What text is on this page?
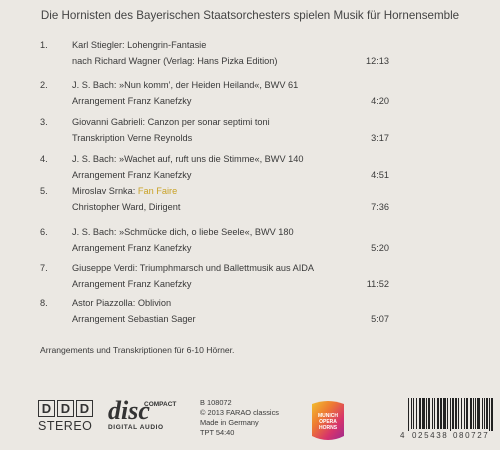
Die Hornisten des Bayerischen Staatsorchesters spielen Musik für Hornensemble
1.	Karl Stiegler: Lohengrin-Fantasie
nach Richard Wagner (Verlag: Hans Pizka Edition)	12:13
2.	J. S. Bach: »Nun komm’, der Heiden Heiland«, BWV 61
Arrangement Franz Kanefzky	4:20
3.	Giovanni Gabrieli: Canzon per sonar septimi toni
Transkription Verne Reynolds	3:17
4.	J. S. Bach: »Wachet auf, ruft uns die Stimme«, BWV 140
Arrangement Franz Kanefzky	4:51
5.	Miroslav Srnka: Fan Faire
Christopher Ward, Dirigent	7:36
6.	J. S. Bach: »Schmücke dich, o liebe Seele«, BWV 180
Arrangement Franz Kanefzky	5:20
7.	Giuseppe Verdi: Triumphmarsch und Ballettmusik aus AIDA
Arrangement Franz Kanefzky	11:52
8.	Astor Piazzolla: Oblivion
Arrangement Sebastian Sager	5:07
Arrangements und Transkriptionen für 6-10 Hörner.
D D D
STEREO
disc
COMPACT
DIGITAL AUDIO
B 108072
© 2013 FARAO classics
Made in Germany
TPT 54:40
MUNICH
OPERA
HORNS
4 025438 080727
